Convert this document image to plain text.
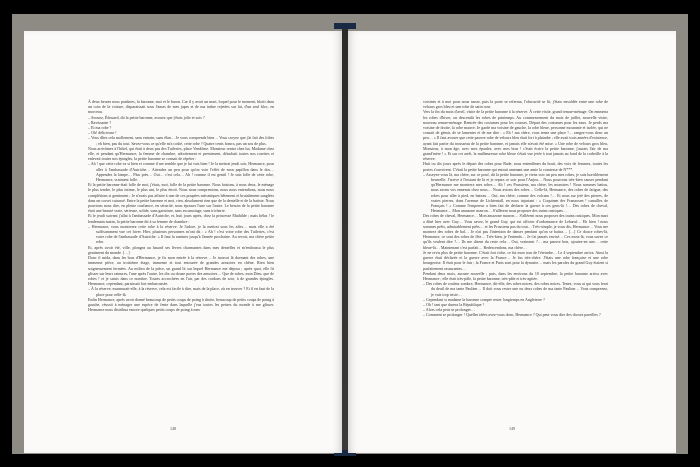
À deux heures nous partîmes, la baronne, moi et le baron. Car il y avait un mari, loquel pour le moment, blotti dans un coin de la voiture, disparaissait sous l'amas de mes jupes et de ma traîne rejetées sur lui, d'un seul bloc, en morceau.

– Avouez, Édouard, dit la petite baronne, avouez que j'étais jolie et sois ?

– Ravissante ?

– Et ma robe ?

– Oh! délicieuse !

– Vous dîtes cela mollement, sans entrain, sans élan… Je vous comprends bien… Vous croyez que j'ai fait des folies ; eh bien, pas du tout. Savez-vous ce qu'elle m'a coûté, cette robe ? Quatre cents francs, pas un sou de plus.

Nous arrivâmes à l'hôtel, qui était à deux pas des Tuileries, place Vendôme. Monsieur rentra chez lui, Madame chez elle, et pendant qu'Hermance, la femme de chambre, adroitement et prestement, détachait toutes nos rosettes et enlevait toutes nos épingles, la petite baronne se consait de répéter :

– Ah ! que cette robe va si bien et comme il me semble que je lui vais bien ! Je la mettrai jeudi soir, Hermance, pour aller à l'ambassade d'Autriche… Attendez un peu pour qu'on voie l'effet de mon papillon dans le dos… Appendez la lampe… Plus près… Oui… c'est cela… Ah ! comme il est gentil ! Je suis folle de cette robe, Hermance, vraiment folle.

Et la petite baronne était folle de moi, j'étais, moi, folle de la petite baronne. Nous faisions, à nous deux, le ménage le plus tendre, le plus intime, le plus uni, le plus étroit. Nous nous comprenions, nous nous entendions, nous nous complétions si gentiment ; Je n'avais pas affaire à une de ces poupées mécaniques bêtement et brutalement sanglées dans un corset cuirassé. Entre la petite baronne et moi, rien, absolument rien que de la dentelle et de la batiste. Nous pouvions nous dire, en pleine confiance, en sécurité, nous épouser l'une sur l'autre. Le besoin de la petite baronne était une beauté vraie, sérieuse, solide, sans garniture, sans escamotage, sans tricherie.

Et le jeudi suivant j'allai à l'ambassade d'Autriche, et, huit jours après, chez la princesse Mathilde ; mais hélas ! le lendemain matin, la petite baronne dit à sa femme de chambre :

– Hermance, vous montrerez cette robe à la réserve. Je l'adore, je la mettrai sous les ailes… mais elle a été suffisamment vue cet hiver. Hier, plusieurs personnes m'ont dit : « Ah ! c'est votre robe des Tuileries, c'est votre robe de l'ambassade d'Autriche. » Il faut la ranimer jusqu'à l'année prochaine. Au revoir, ma chère petite robe.

Et, après avoir été, ville, plongea au hasard ses lèvres charmantes dans mes dentelles et m'embrassa le plus gentiment du monde. […]

Donc il mida, dans les bras d'Hermance, je fis mon entrée à la réserve… Je trouvai là dormant des robes, une immense pièce, au troisième étage, immense et tout entourée de grandes armoires en chêne. Rien bien soigneusement fermées. Au milieu de la pièce, un grand lit sur lequel Hermance me déposa ; après quoi, elle fit glisser sur leurs rainures, l'une après l'autre, les dix ou douze portes des armoires… Que de robes, mon Dieu, que de robes ! et je saisis dans ce nombre. Toutes accrochées en l'air, par des cordons de soie, à de grandes épingles. Hermance, cependant, paraissait fort embarrassée.

– À la réserve, murmurait-elle, à la réserve, cela est facile à dire, mais de la place, où en trouver ? Et il en faut de la place pour celle-là.

Enfin Hermance, après avoir donné beaucoup de petits coups de poing à droite, beaucoup de petits coups de poing à gauche, réussit à ménager une espèce de fente dans laquelle j'eus toutes les peines du monde à me glisser. Hermance nous distribua encore quelques petits coups de poing à mes

148

voisines et à moi pour nous tasser, puis la porte se referma, l'obscurité se fit, j'étais ensoldée entre une robe de velours gros bleu et une robe de satin rose.

Vers la fin du mois d'avril, visite de la petite baronne à la réserve. À cette visite, grand remue-ménage. On emmena les robes d'hiver, on descendit les robes de printemps. Au commencement du mois de juillet, nouvelle visite, nouveau remue-ménage. Rentrée des costumes pour les courses. Départ des costumes pour les eaux. Je perds ma voisine de droite, la robe mauve. Je garde ma voisine de gauche, la robe bleue, personne mourante et isolée, qui ne consait de gémir, de se lamenter et de me dire : « Eh ! ma chère, vous tenez une place !… rangez-vous donc un peu… » Il faut avouer que cette pauvre robe de velours bleu était fort à plaindre ; elle avait trois années d'existence, ayant fait partie du trousseau de la petite baronne, et jamais elle n'avait été mise. « Une robe de velours gros bleu, Monsieur, à mon âge, avec mes épaules, avec mes bras ! c'était écrire la petite baronne, j'aurais l'air de ma grand'mère ! » Et sur cet arrêt, la malheureuse robe bleue s'était vue jetée à tout jamais au fond de la corbeille à la réserve.

Huit ou dix jours après le départ des robes pour Bade, nous entendîmes du bruit, des voix de femmes, toutes les portes s'ouvrirent. C'était la petite baronne qui entrait amenant une amie la comtesse de N***.

– Asseyez-vous là, ma chère, sur ce pouf, dit la petite baronne, je viens voir un peu mes robes, je suis horriblement beurrelle. J'arrive à l'instant de là et je repars ce soir pour l'Anjou… Nous pourrons très-bien causer pendant qu'Hermance me montrera mes robes… Ah ! ces Prussiens, ma chère, les monstres ! Nous sommes battus, nous avons vos ennemis chez nous… Nous avions des robes… Celle-là, Hermance, des robes de fatigue, des robes pour aller à pied, en bateau… Oui, ma chère, comme des volcans !… Et nous sur jetè des pierres, de vraies pierres, dans l'avenue de Lichtentall, en nous injuriant : « Coquinen der Franzosen ! canailles de Français ! » Comme l'empereur a bien fait de déclarer la guerre à ces gens-là !… Des robes de cheval, Hermance… Mon amazone marron… S'allèrent nous proposer des trains rustiques…

Des robes de cheval, Hermance… Mon amazone marron… S'allèrent nous proposer des trains rustiques. Mon mari a dîné hier avec Guy… Vous savez, le grand Guy, qui est officier d'ordonnance de Lebœuf… Eh bien ! nous sommes prêts, admirablement prêts… et les Prussiens pas du tout… Très-simple, je vous dis, Hermance… Vous me montrez des robes de bal… Je n'ai pas l'intention de danser pendant qu'on se battra… […] Ce douce robes-là, Hermance, ce sont des robes de fête… Très-bien, je l'entends… Je t'ai jamais envisé… Ces mots-là, vous savez ce qu'ils veulent dire ?… Ils me disent du reste cela… Oui, vraiment ?… ma pauvre bon, ajoutez-en une… cette bleue-là… Maintenant c'est parfait… Redescendons, ma chère…

Je ne revis plus de petite baronne. C'était fort riche, ce fut mon tour de l'éteindre… Le 4 septembre arriva. Ainsi la guerre était déclarée et la guerre avec la France… Je fus très-chère. J'étais une robe française et une robe bourgeoise. Il était pour le fuir ; la France et Paris sont pour la dynastie… mais les paroles du grand Guy étaient si parfaitement rassurantes…

Pendant deux mois, aucune nouvelle ; puis, dans les environs du 10 septembre, la petite baronne arriva avec Hermance ; elle était très-pâle, la petite baronne, très-pâle et très-agitée.

– Des robes de couleur sombre, Hermance, dit-elle, des robes noires, des robes noires. Tenez, vous ai qui vous ferai du deuil de ma tante Pauline… Il doit vous rester une ou deux robes de ma tante Pauline… Vous comprenez, je vais trop triste…

– Cependant si madame la baronne compte rester longtemps en Angleterre ?

– Oh ! tant que durera la République !

– Alors cela peut se prolonger…

– Comment se prolonger ! Quelles idées avez-vous donc, Hermance ? Qui peut vous dire des choses pareilles ?

149
